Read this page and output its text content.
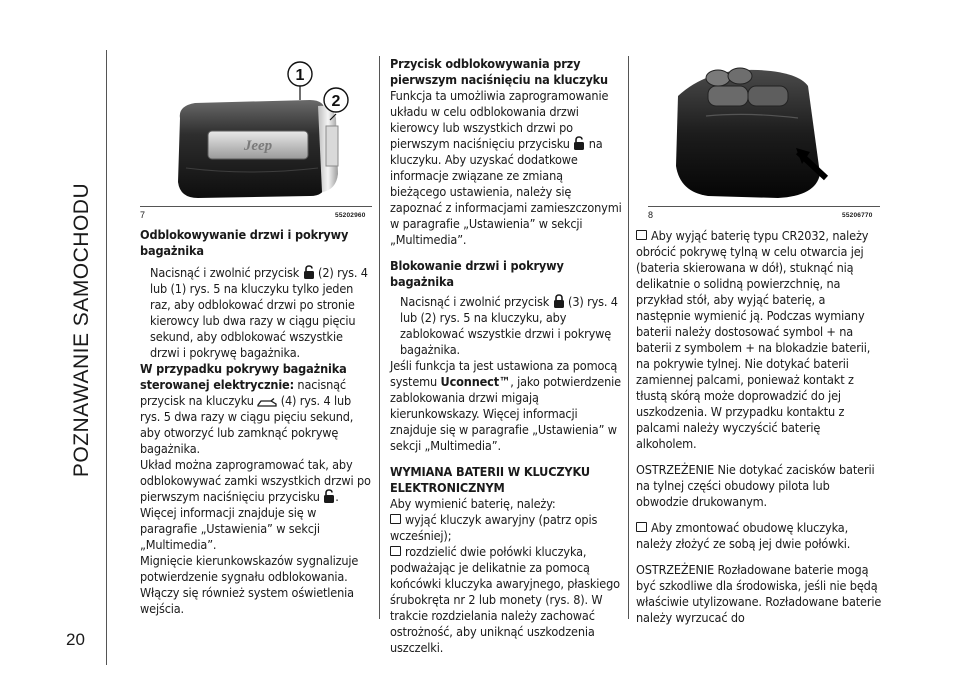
POZNAWANIE SAMOCHODU
20
Jeep
1
2
7	55202960	8	55206770

Odblokowywanie drzwi i pokrywy bagażnika

Nacisnąć i zwolnić przycisk (2) rys. 4 lub (1) rys. 5 na kluczyku tylko jeden raz, aby odblokować drzwi po stronie kierowcy lub dwa razy w ciągu pięciu sekund, aby odblokować wszystkie drzwi i pokrywę bagażnika.

W przypadku pokrywy bagażnika sterowanej elektrycznie: nacisnąć przycisk na kluczyku (4) rys. 4 lub rys. 5 dwa razy w ciągu pięciu sekund, aby otworzyć lub zamknąć pokrywę bagażnika.

Układ można zaprogramować tak, aby odblokowywać zamki wszystkich drzwi po pierwszym naciśnięciu przycisku . Więcej informacji znajduje się w paragrafie „Ustawienia” w sekcji „Multimedia”.

Mignięcie kierunkowskazów sygnalizuje potwierdzenie sygnału odblokowania. Włączy się również system oświetlenia wejścia.

Przycisk odblokowywania przy pierwszym naciśnięciu na kluczyku

Funkcja ta umożliwia zaprogramowanie układu w celu odblokowania drzwi kierowcy lub wszystkich drzwi po pierwszym naciśnięciu przycisku na kluczyku. Aby uzyskać dodatkowe informacje związane ze zmianą bieżącego ustawienia, należy się zapoznać z informacjami zamieszczonymi w paragrafie „Ustawienia” w sekcji „Multimedia”.

Blokowanie drzwi i pokrywy bagażnika

Nacisnąć i zwolnić przycisk (3) rys. 4 lub (2) rys. 5 na kluczyku, aby zablokować wszystkie drzwi i pokrywę bagażnika.

Jeśli funkcja ta jest ustawiona za pomocą systemu Uconnect™, jako potwierdzenie zablokowania drzwi migają kierunkowskazy. Więcej informacji znajduje się w paragrafie „Ustawienia” w sekcji „Multimedia”.

WYMIANA BATERII W KLUCZYKU ELEKTRONICZNYM

Aby wymienić baterię, należy:

wyjąć kluczyk awaryjny (patrz opis wcześniej);

rozdzielić dwie połówki kluczyka, podważając je delikatnie za pomocą końcówki kluczyka awaryjnego, płaskiego śrubokręta nr 2 lub monety (rys. 8). W trakcie rozdzielania należy zachować ostrożność, aby uniknąć uszkodzenia uszczelki.

Aby wyjąć baterię typu CR2032, należy obrócić pokrywę tylną w celu otwarcia jej (bateria skierowana w dół), stuknąć nią delikatnie o solidną powierzchnię, na przykład stół, aby wyjąć baterię, a następnie wymienić ją. Podczas wymiany baterii należy dostosować symbol + na baterii z symbolem + na blokadzie baterii, na pokrywie tylnej. Nie dotykać baterii zamiennej palcami, ponieważ kontakt z tłustą skórą może doprowadzić do jej uszkodzenia. W przypadku kontaktu z palcami należy wyczyścić baterię alkoholem.

OSTRZEŻENIE Nie dotykać zacisków baterii na tylnej części obudowy pilota lub obwodzie drukowanym.

Aby zmontować obudowę kluczyka, należy złożyć ze sobą jej dwie połówki.

OSTRZEŻENIE Rozładowane baterie mogą być szkodliwe dla środowiska, jeśli nie będą właściwie utylizowane. Rozładowane baterie należy wyrzucać do
